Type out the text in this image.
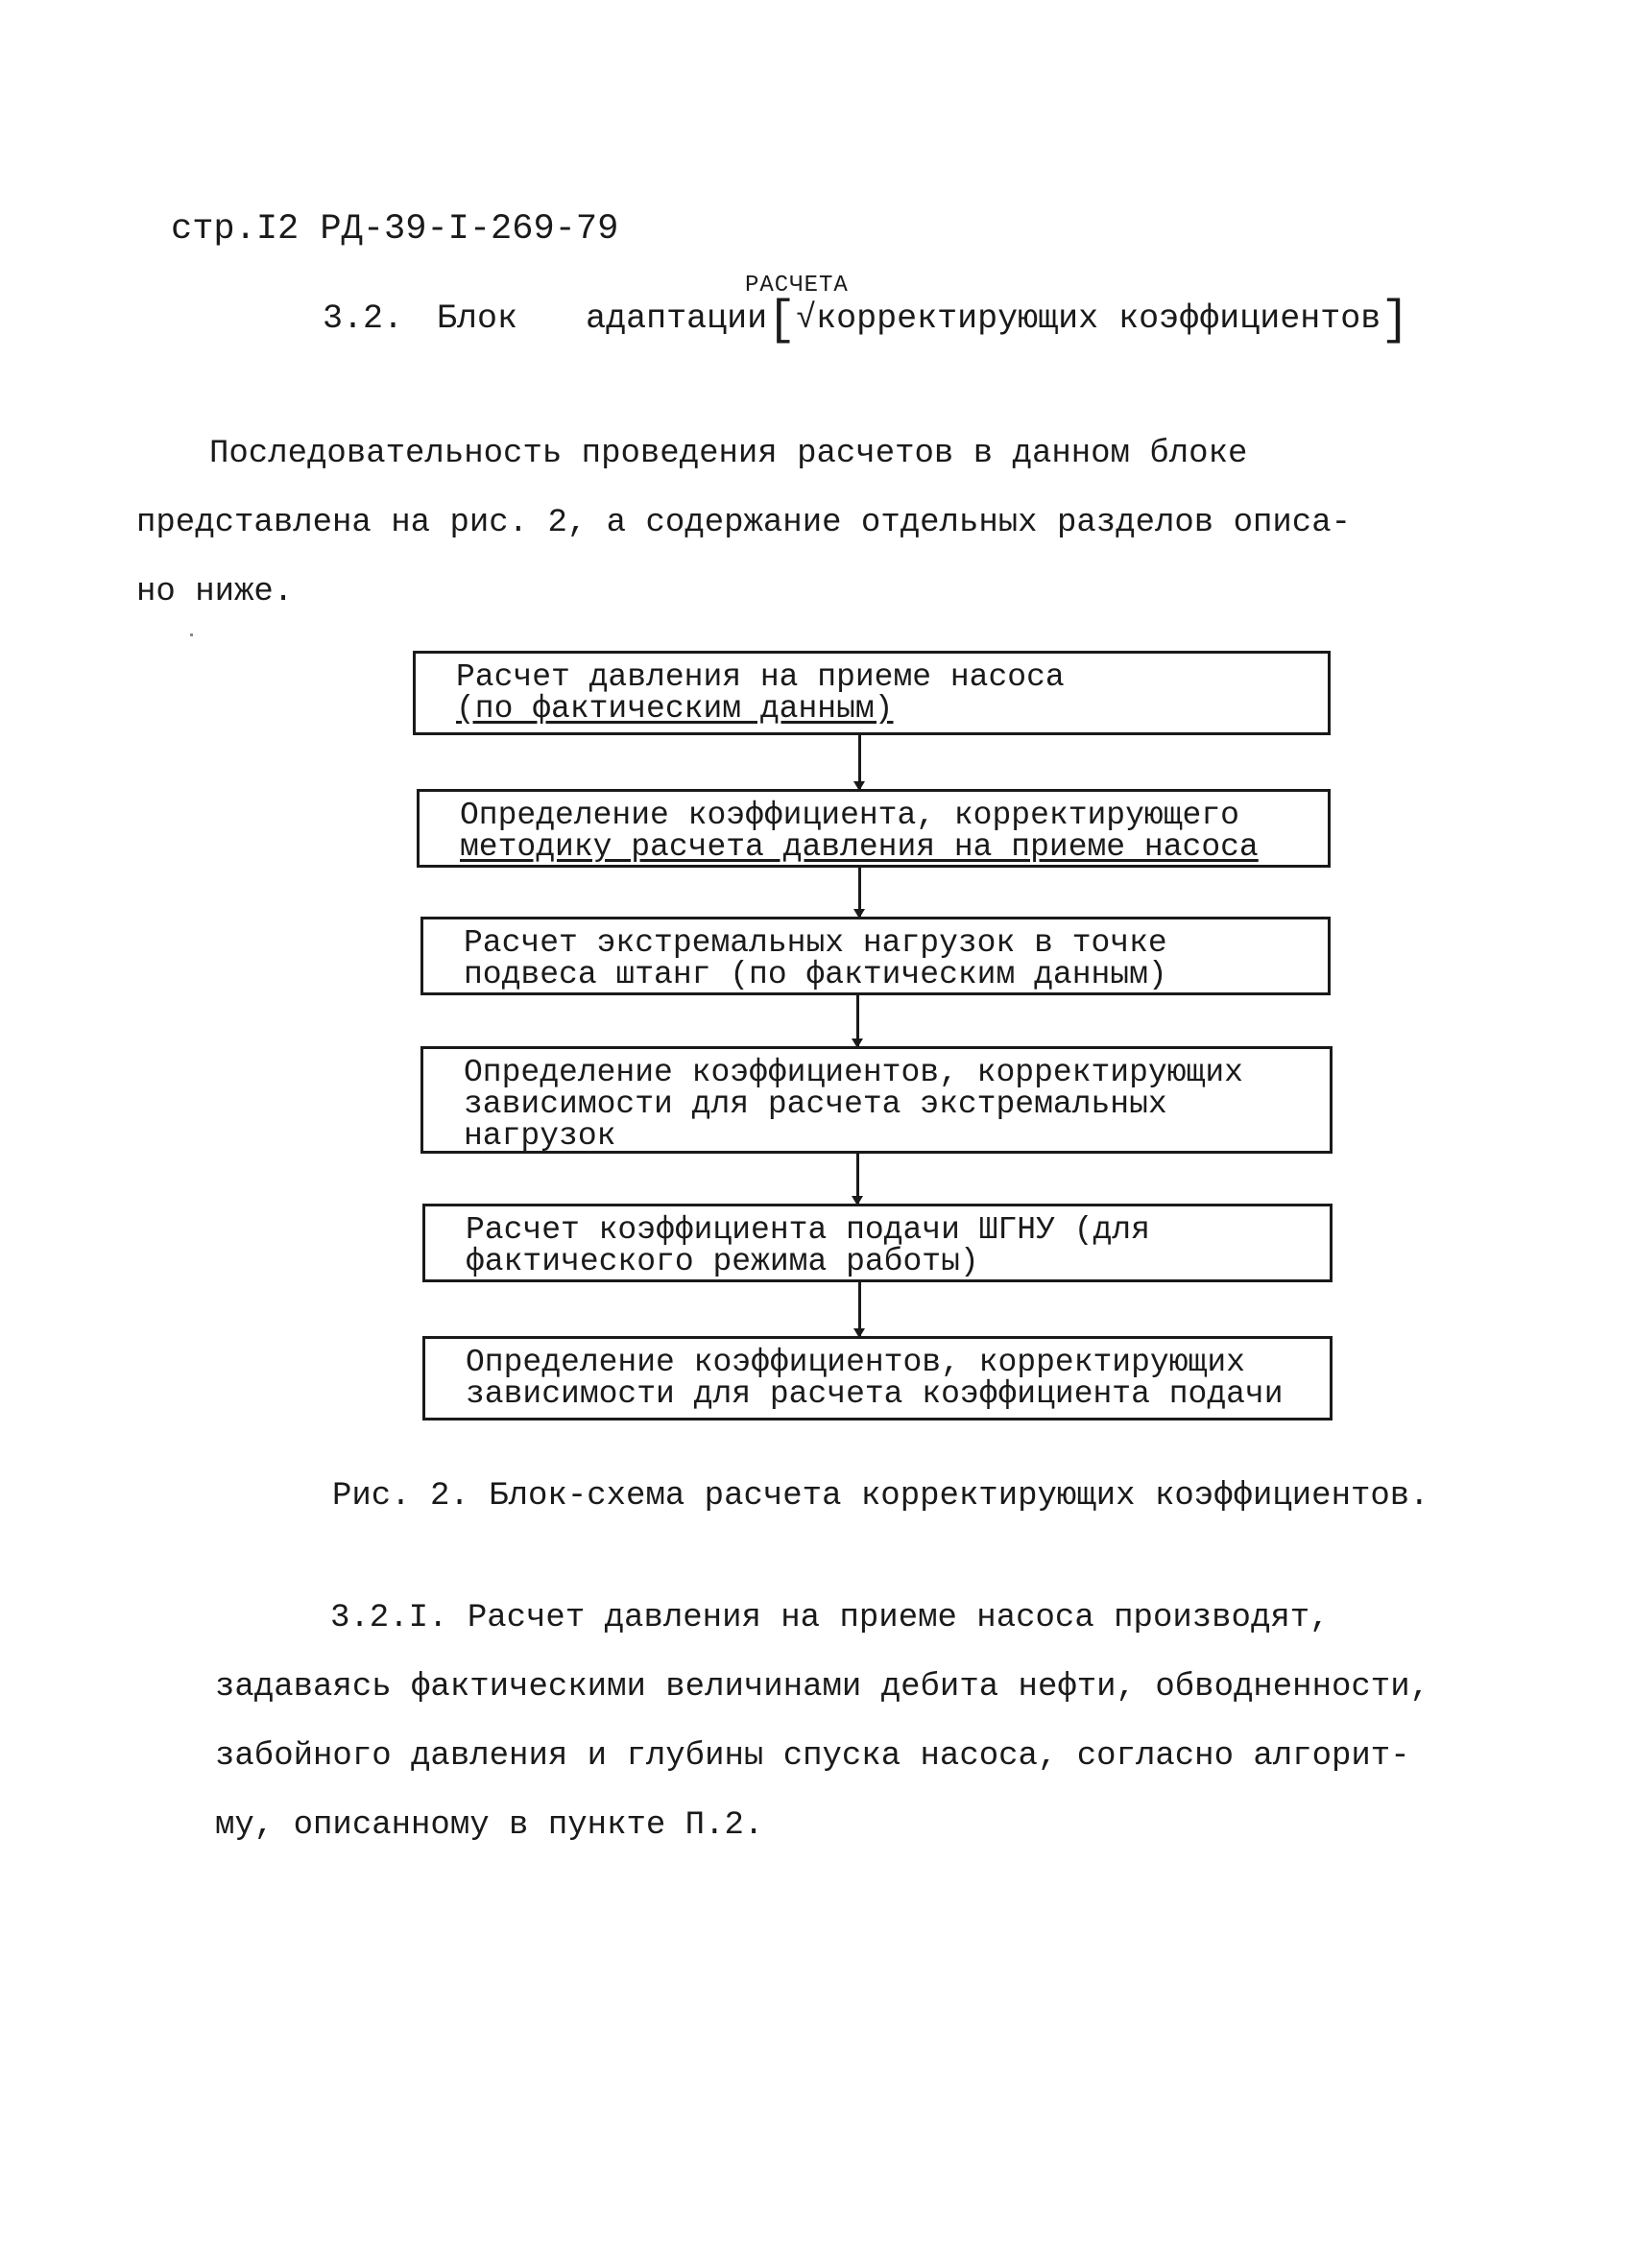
стр.I2 РД-39-I-269-79
3.2. Блок адаптации[√корректирующих коэффициентов]
РАСЧЕТА
Последовательность проведения расчетов в данном блоке
представлена на рис. 2, а содержание отдельных разделов описа-
но ниже.
Расчет давления на приеме насоса
(по фактическим данным)
Определение коэффициента, корректирующего
методику расчета давления на приеме насоса
Расчет экстремальных нагрузок в точке
подвеса штанг (по фактическим данным)
Определение коэффициентов, корректирующих
зависимости для расчета экстремальных
нагрузок
Расчет коэффициента подачи ШГНУ (для
фактического режима работы)
Определение коэффициентов, корректирующих
зависимости для расчета коэффициента подачи
Рис. 2. Блок-схема расчета корректирующих коэффициентов.
3.2.I. Расчет давления на приеме насоса производят,
задаваясь фактическими величинами дебита нефти, обводненности,
забойного давления и глубины спуска насоса, согласно алгорит-
му, описанному в пункте П.2.
